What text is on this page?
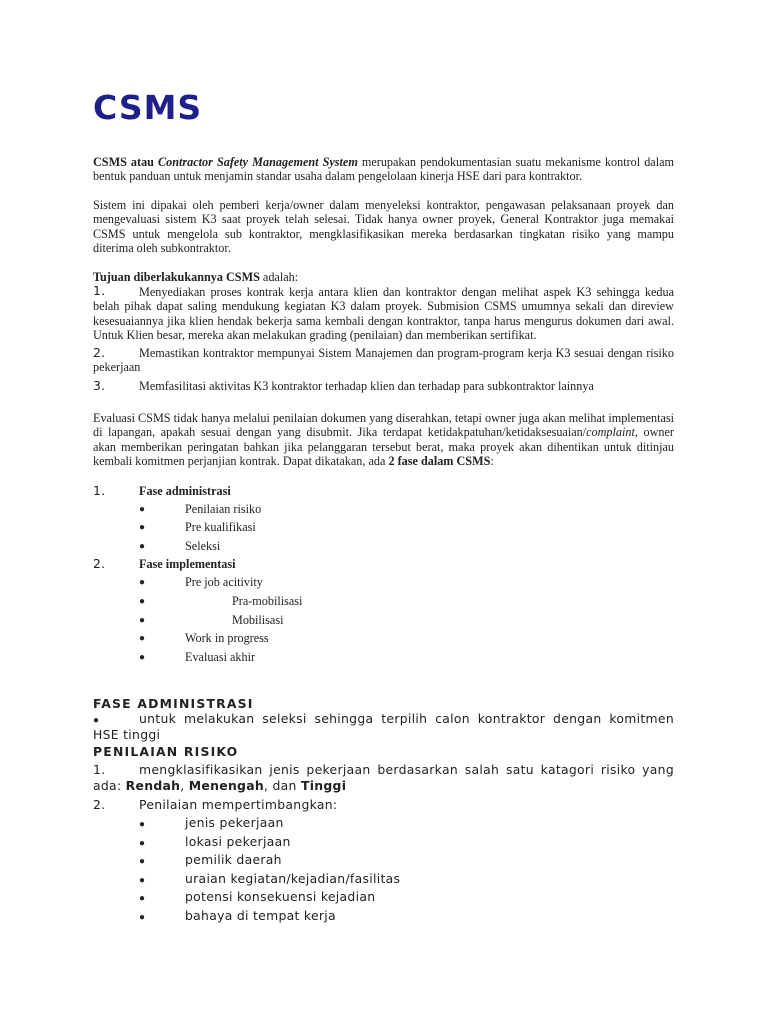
CSMS

CSMS atau Contractor Safety Management System merupakan pendokumentasian suatu mekanisme kontrol dalam bentuk panduan untuk menjamin standar usaha dalam pengelolaan kinerja HSE dari para kontraktor.

Sistem ini dipakai oleh pemberi kerja/owner dalam menyeleksi kontraktor, pengawasan pelaksanaan proyek dan mengevaluasi sistem K3 saat proyek telah selesai. Tidak hanya owner proyek, General Kontraktor juga memakai CSMS untuk mengelola sub kontraktor, mengklasifikasikan mereka berdasarkan tingkatan risiko yang mampu diterima oleh subkontraktor.

Tujuan diberlakukannya CSMS adalah:

1.	Menyediakan proses kontrak kerja antara klien dan kontraktor dengan melihat aspek K3 sehingga kedua belah pihak dapat saling mendukung kegiatan K3 dalam proyek. Submision CSMS umumnya sekali dan direview kesesuaiannya jika klien hendak bekerja sama kembali dengan kontraktor, tanpa harus mengurus dokumen dari awal. Untuk Klien besar, mereka akan melakukan grading (penilaian) dan memberikan sertifikat.

2.	Memastikan kontraktor mempunyai Sistem Manajemen dan program-program kerja K3 sesuai dengan risiko pekerjaan

3.	Memfasilitasi aktivitas K3 kontraktor terhadap klien dan terhadap para subkontraktor lainnya

Evaluasi CSMS tidak hanya melalui penilaian dokumen yang diserahkan, tetapi owner juga akan melihat implementasi di lapangan, apakah sesuai dengan yang disubmit. Jika terdapat ketidakpatuhan/ketidaksesuaian/complaint, owner akan memberikan peringatan bahkan jika pelanggaran tersebut berat, maka proyek akan dihentikan untuk ditinjau kembali komitmen perjanjian kontrak. Dapat dikatakan, ada 2 fase dalam CSMS:

1.	Fase administrasi
●	Penilaian risiko
●	Pre kualifikasi
●	Seleksi
2.	Fase implementasi
●	Pre job acitivity
●	Pra-mobilisasi
●	Mobilisasi
●	Work in progress
●	Evaluasi akhir

FASE ADMINISTRASI

●	untuk melakukan seleksi sehingga terpilih calon kontraktor dengan komitmen HSE tinggi

PENILAIAN RISIKO

1.	mengklasifikasikan jenis pekerjaan berdasarkan salah satu katagori risiko yang ada: Rendah, Menengah, dan Tinggi

2.	Penilaian mempertimbangkan:
●	jenis pekerjaan
●	lokasi pekerjaan
●	pemilik daerah
●	uraian kegiatan/kejadian/fasilitas
●	potensi konsekuensi kejadian
●	bahaya di tempat kerja
